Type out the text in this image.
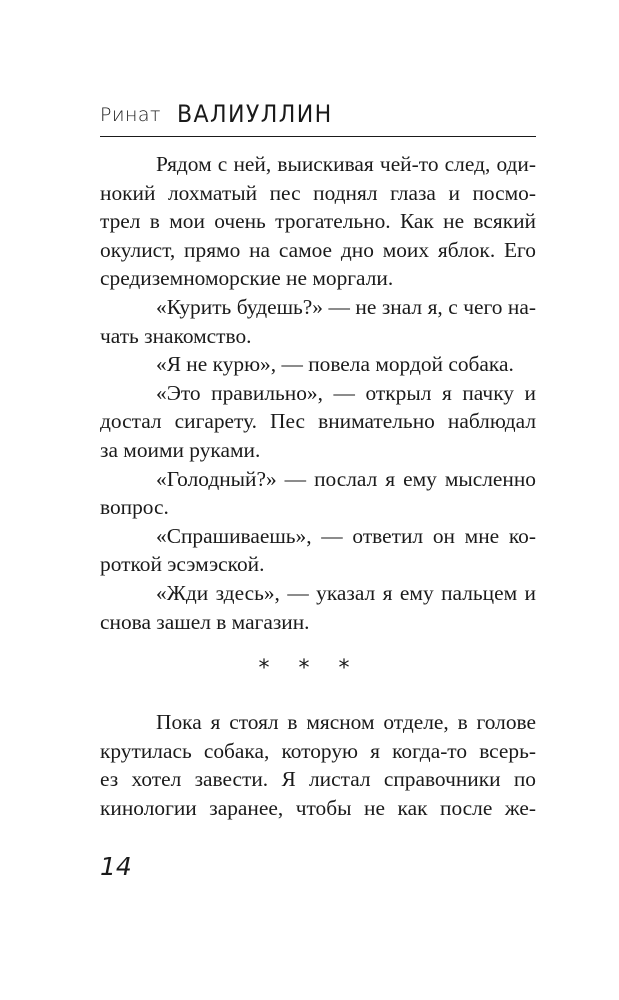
Ринат ВАЛИУЛЛИН
Рядом с ней, выискивая чей-то след, оди-
нокий лохматый пес поднял глаза и посмо-
трел в мои очень трогательно. Как не всякий
окулист, прямо на самое дно моих яблок. Его
средиземноморские не моргали.
«Курить будешь?» — не знал я, с чего на-
чать знакомство.
«Я не курю», — повела мордой собака.
«Это правильно», — открыл я пачку и
достал сигарету. Пес внимательно наблюдал
за моими руками.
«Голодный?» — послал я ему мысленно
вопрос.
«Спрашиваешь», — ответил он мне ко-
роткой эсэмэской.
«Жди здесь», — указал я ему пальцем и
снова зашел в магазин.
* * *
Пока я стоял в мясном отделе, в голове
крутилась собака, которую я когда-то всерь-
ез хотел завести. Я листал справочники по
кинологии заранее, чтобы не как после же-
14
